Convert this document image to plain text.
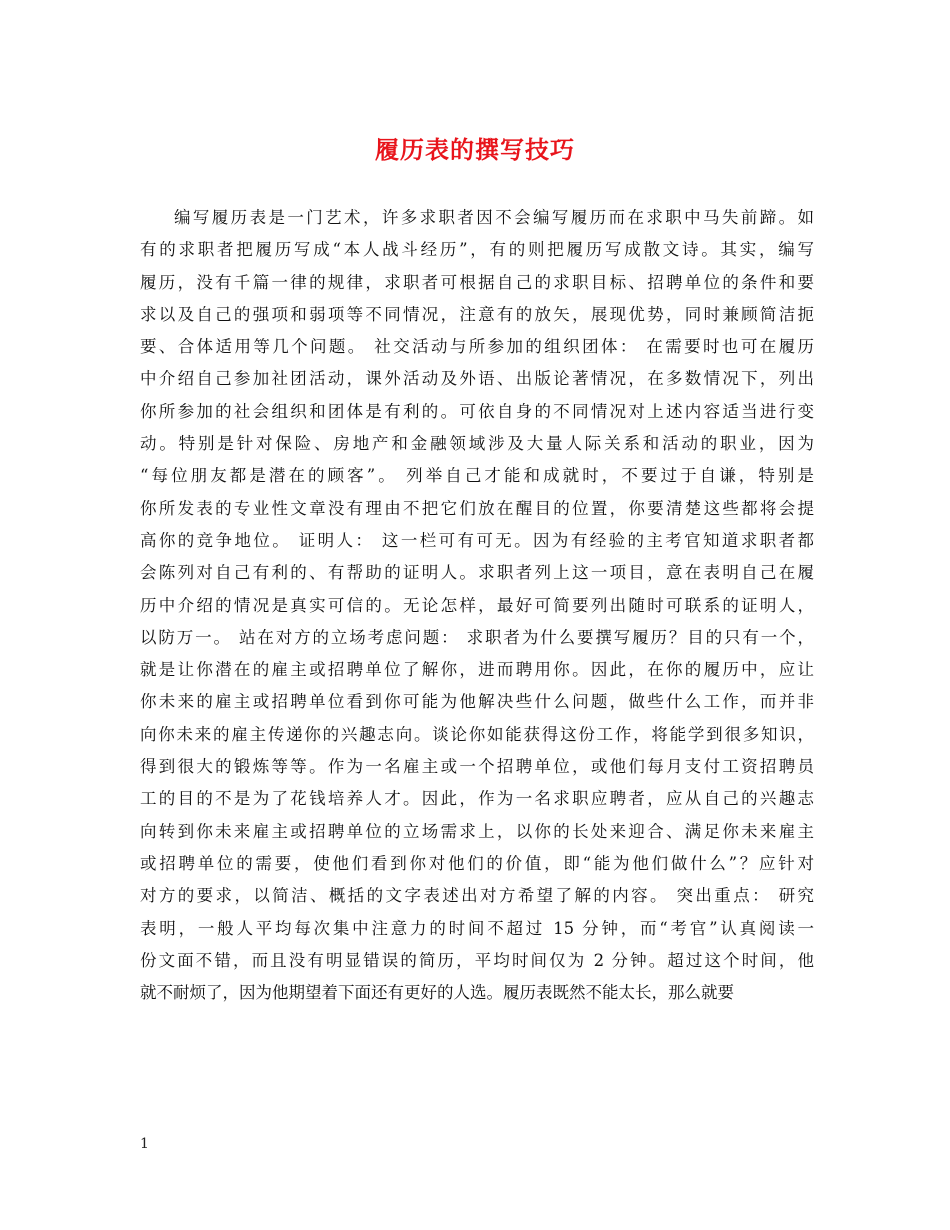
履历表的撰写技巧
编写履历表是一门艺术，许多求职者因不会编写履历而在求职中马失前蹄。如
有的求职者把履历写成“本人战斗经历”，有的则把履历写成散文诗。其实，编写
履历，没有千篇一律的规律，求职者可根据自己的求职目标、招聘单位的条件和要
求以及自己的强项和弱项等不同情况，注意有的放矢，展现优势，同时兼顾简洁扼
要、合体适用等几个问题。 社交活动与所参加的组织团体： 在需要时也可在履历
中介绍自己参加社团活动，课外活动及外语、出版论著情况，在多数情况下，列出
你所参加的社会组织和团体是有利的。可依自身的不同情况对上述内容适当进行变
动。特别是针对保险、房地产和金融领域涉及大量人际关系和活动的职业，因为
“每位朋友都是潜在的顾客”。 列举自己才能和成就时，不要过于自谦，特别是
你所发表的专业性文章没有理由不把它们放在醒目的位置，你要清楚这些都将会提
高你的竞争地位。 证明人： 这一栏可有可无。因为有经验的主考官知道求职者都
会陈列对自己有利的、有帮助的证明人。求职者列上这一项目，意在表明自己在履
历中介绍的情况是真实可信的。无论怎样，最好可简要列出随时可联系的证明人，
以防万一。 站在对方的立场考虑问题： 求职者为什么要撰写履历？目的只有一个，
就是让你潜在的雇主或招聘单位了解你，进而聘用你。因此，在你的履历中，应让
你未来的雇主或招聘单位看到你可能为他解决些什么问题，做些什么工作，而并非
向你未来的雇主传递你的兴趣志向。谈论你如能获得这份工作，将能学到很多知识，
得到很大的锻炼等等。作为一名雇主或一个招聘单位，或他们每月支付工资招聘员
工的目的不是为了花钱培养人才。因此，作为一名求职应聘者，应从自己的兴趣志
向转到你未来雇主或招聘单位的立场需求上，以你的长处来迎合、满足你未来雇主
或招聘单位的需要，使他们看到你对他们的价值，即“能为他们做什么”？应针对
对方的要求，以简洁、概括的文字表述出对方希望了解的内容。 突出重点： 研究
表明，一般人平均每次集中注意力的时间不超过 15 分钟，而“考官”认真阅读一
份文面不错，而且没有明显错误的简历，平均时间仅为 2 分钟。超过这个时间，他
就不耐烦了，因为他期望着下面还有更好的人选。履历表既然不能太长，那么就要
1
